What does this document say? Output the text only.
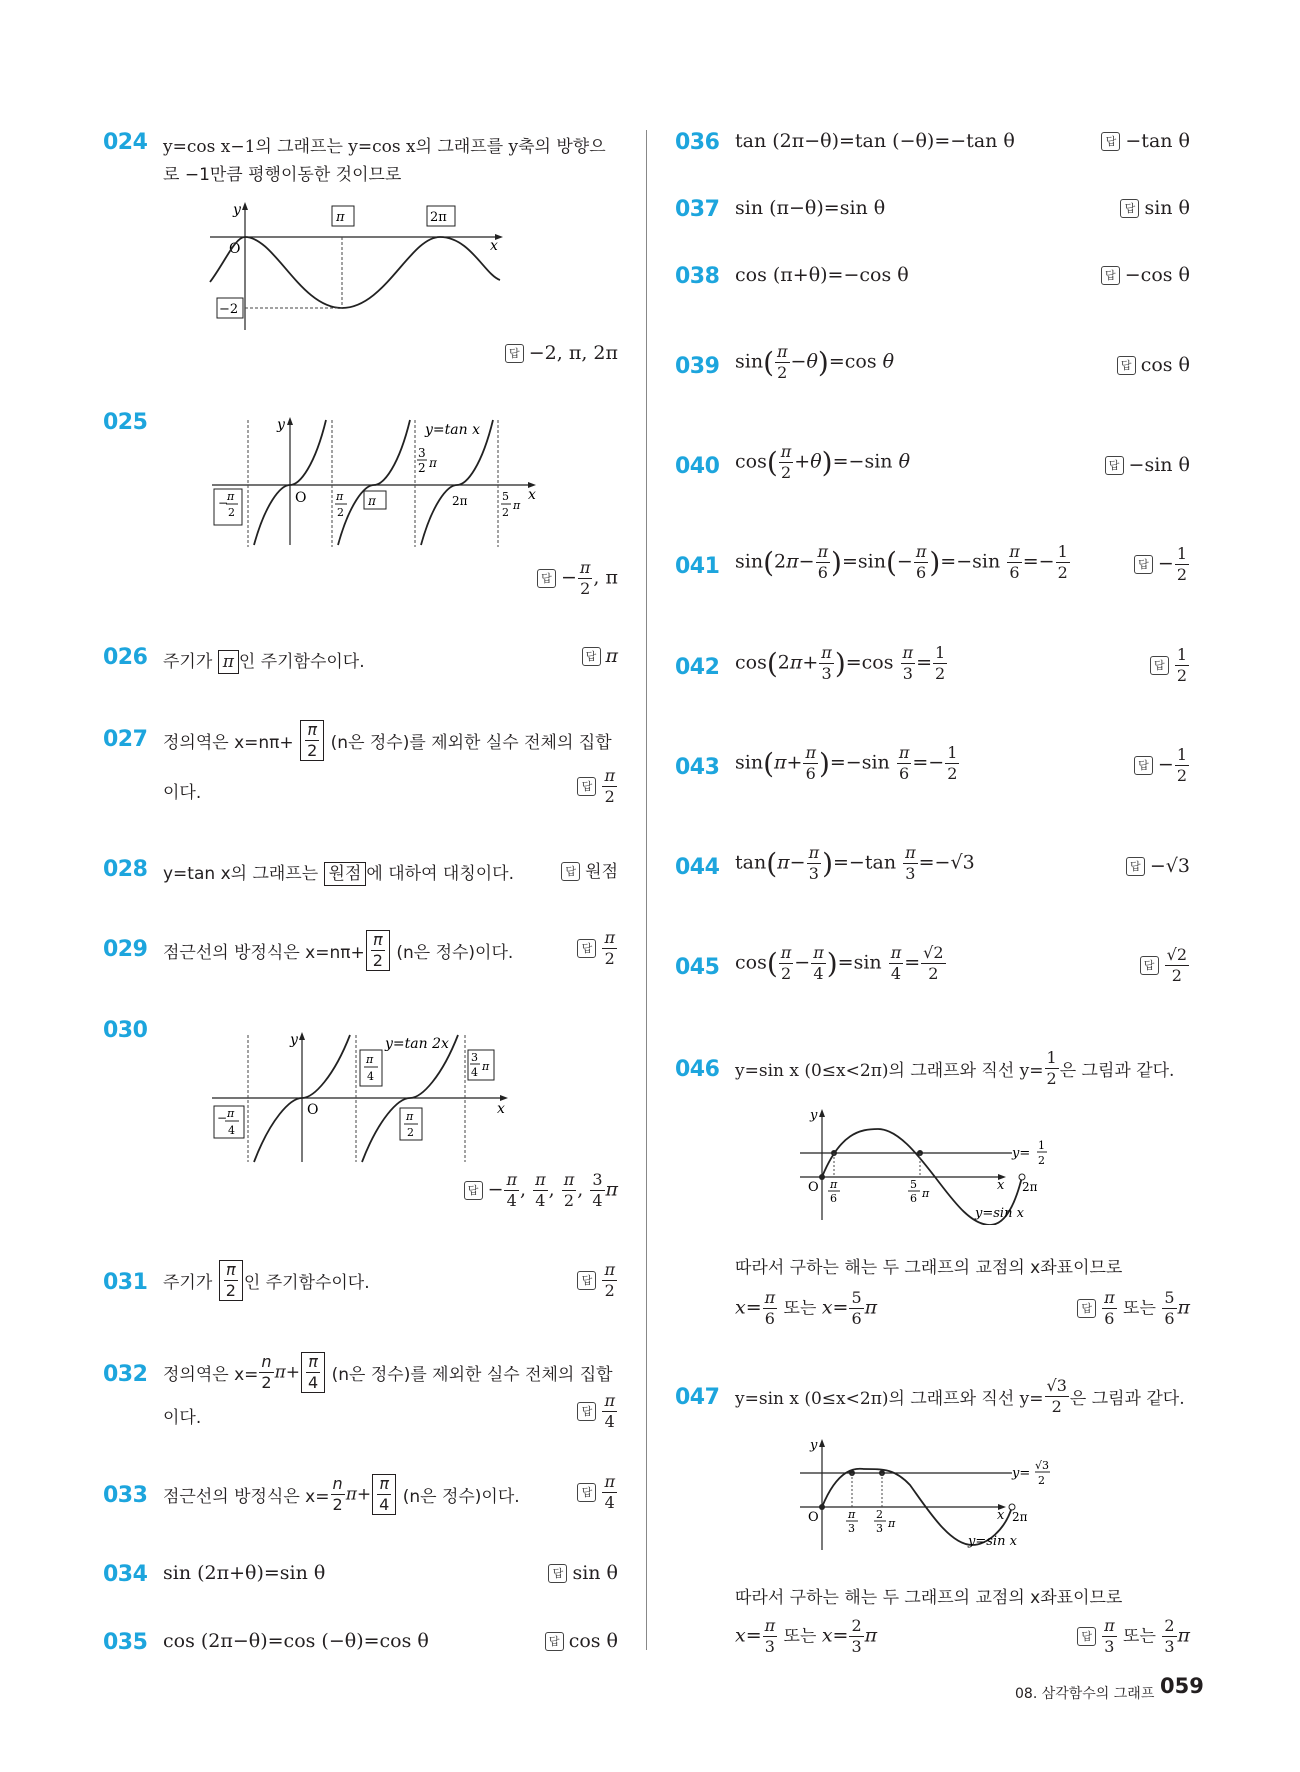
024 y=cos x−1의 그래프는 y=cos x의 그래프를 y축의 방향으
로 −1만큼 평행이동한 것이므로
y
x
O
π	2π
−2
답 −2, π, 2π
025	y
x
O
y=tan x
3
2 π
−
π
2
π
2
π	2π	5
2
π
답 − $\frac{\pi}{2}$ , π
026 주기가 π 인 주기함수이다.	답 π
027 정의역은 $x=n\pi+ \frac{\pi}{2} (n$은 정수)를 제외한 실수 전체의 집합
이다.	답 $\frac{\pi}{2}$
028 y=tan x의 그래프는 원점 에 대하여 대칭이다.	답 원점
029 점근선의 방정식은 $x=n\pi+ \frac{\pi}{2} (n$은 정수)이다.	답 $\frac{\pi}{2}$
030	y
x
O
y=tan 2x
π
4
3
4 π
− π
4
π
2
답 − $\frac{\pi}{4}$ , $\frac{\pi}{4}$ , $\frac{\pi}{2}$ , $\frac{3}{4}$ π
031 주기가 $\frac{\pi}{2}$ 인 주기함수이다.	답 $\frac{\pi}{2}$
032 정의역은 $x= \frac{n}{2} \pi+ \frac{\pi}{4} (n$은 정수)를 제외한 실수 전체의 집합
이다.	답 $\frac{\pi}{4}$
033 점근선의 방정식은 $x= \frac{n}{2} \pi+ \frac{\pi}{4} (n$은 정수)이다.	답 $\frac{\pi}{4}$
034 sin (2π+θ)=sin θ	답 sin θ
035 cos (2π−θ)=cos (−θ)=cos θ	답 cos θ
036 tan (2π−θ)=tan (−θ)=−tan θ	답 −tan θ
037 sin (π−θ)=sin θ	답 sin θ
038 cos (π+θ)=−cos θ	답 −cos θ
039 $\sin( \frac{\pi}{2} -\theta)=\cos$ θ	답 cos θ
040 $\cos( \frac{\pi}{2} +\theta)=-\sin$ θ	답 −sin θ
041 $\sin(2\pi- \frac{\pi}{6} )=\sin(- \frac{\pi}{6} )=-\sin \frac{\pi}{6} =- \frac{1}{2}$	답 − $\frac{1}{2}$
042 $\cos(2\pi+ \frac{\pi}{3} )=\cos \frac{\pi}{3} = \frac{1}{2}$	답 $\frac{1}{2}$
043 $\sin(\pi+ \frac{\pi}{6} )=-\sin \frac{\pi}{6} =- \frac{1}{2}$	답 − $\frac{1}{2}$
044 $\tan(\pi- \frac{\pi}{3} )=-\tan \frac{\pi}{3} =-√3$	답 −√3
045 $\cos( \frac{\pi}{2} - \frac{\pi}{4} )=\sin \frac{\pi}{4} = \frac{√2}{2}$	답 $\frac{√2}{2}$
046 y=sin x (0≤x<2π)의 그래프와 직선 $y= \frac{1}{2}$ 은 그림과 같다.
y
x
O
y=
1
2
π
6
5
6 π	2π
y=sin x
따라서 구하는 해는 두 그래프의 교점의 x좌표이므로
$x= \frac{\pi}{6}$ 또는 $x= \frac{5}{6}$ π	답 $\frac{\pi}{6}$ 또는 $\frac{5}{6}$ π
047 y=sin x (0≤x<2π)의 그래프와 직선 $y= \frac{√3}{2}$ 은 그림과 같다.
y
x
O
y=
√3
2
π
3
2
3 π	2π
y=sin x
따라서 구하는 해는 두 그래프의 교점의 x좌표이므로
$x= \frac{\pi}{3}$ 또는 $x= \frac{2}{3}$ π	답 $\frac{\pi}{3}$ 또는 $\frac{2}{3}$ π
08. 삼각함수의 그래프 059
